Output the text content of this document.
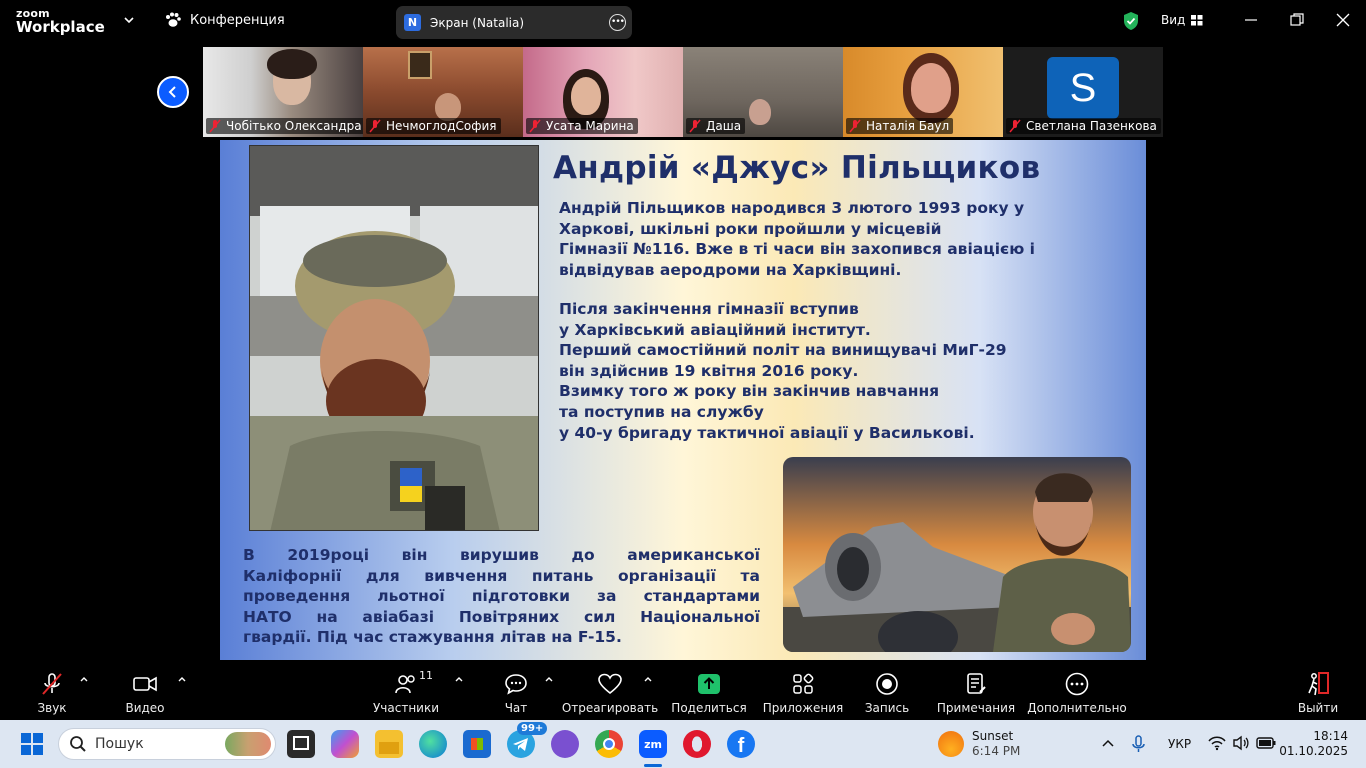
zoom
Workplace	Конференция	N	Экран (Natalia)	•••	Вид
Чобітько Олександра НечмоглодСофия	Усата Марина	Даша	Наталія Баул
S
Светлана Пазенкова
Андрій «Джус» Пільщиков
Андрій Пільщиков народився 3 лютого 1993 року у
Харкові, шкільні роки пройшли у місцевій
Гімназії №116. Вже в ті часи він захопився авіацією і
відвідував аеродроми на Харківщині.
Після закінчення гімназії вступив
у Харківський авіаційний інститут.
Перший самостійний політ на винищувачі МиГ-29
він здійснив 19 квітня 2016 року.
Взимку того ж року він закінчив навчання
та поступив на службу
у 40-у бригаду тактичної авіації у Василькові.
В 2019році він вирушив до американської
Каліфорнії для вивчення питань організації та
проведення льотної підготовки за стандартами
НАТО на авіабазі Повітряних сил Національної
гвардії. Під час стажування літав на F-15.
Звук	Видео
11
Участники	Чат	Отреагировать Поделиться Приложения Запись Примечания Дополнительно	Выйти
Пошук
99+
zm	f	Sunset
6:14 PM	УКР
18:14
01.10.2025
